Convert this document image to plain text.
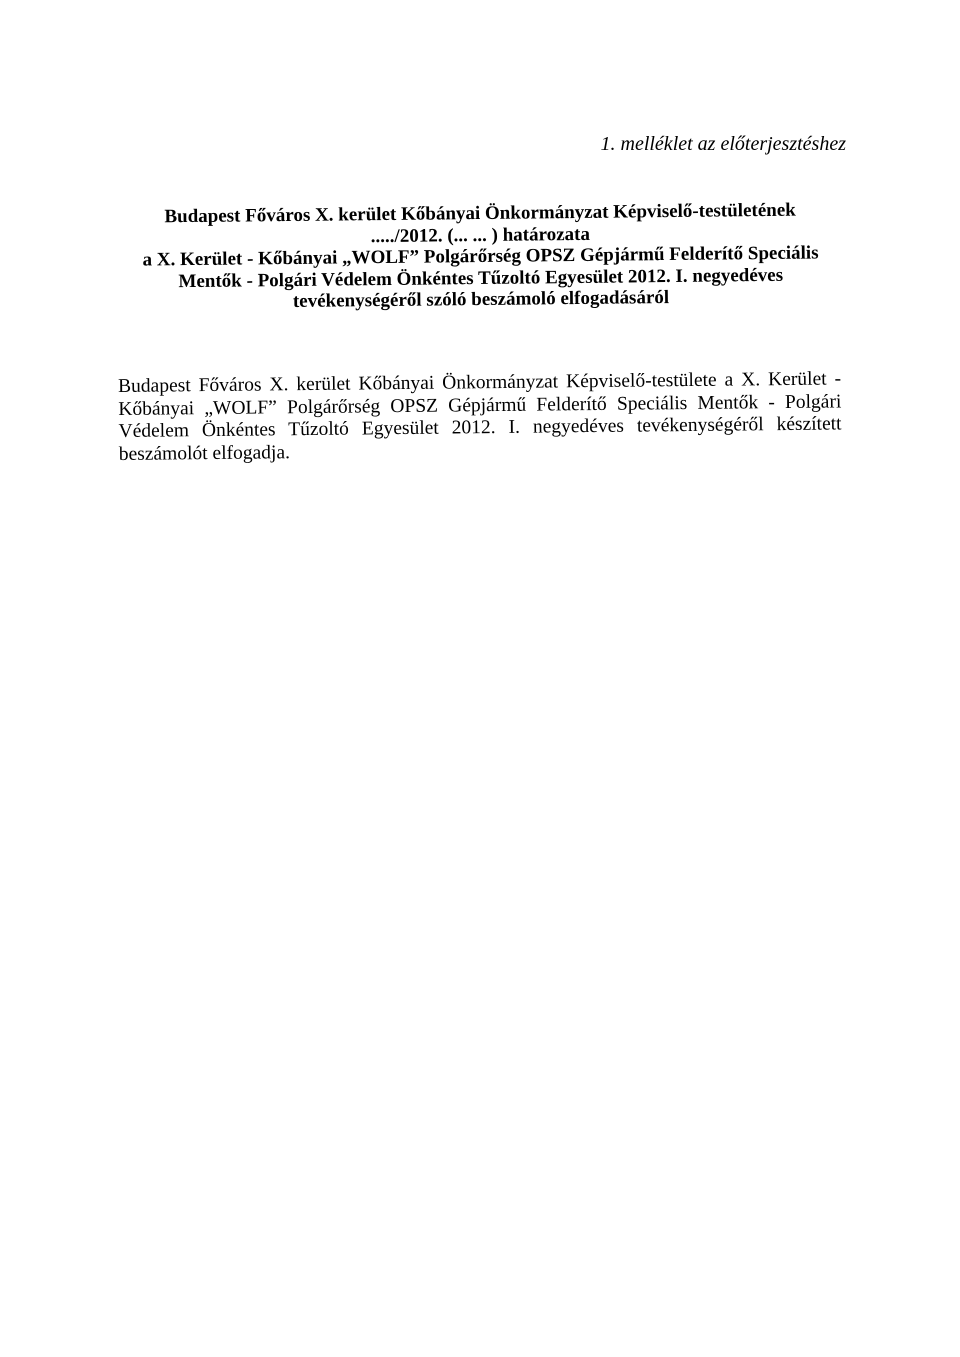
1. melléklet az előterjesztéshez
Budapest Főváros X. kerület Kőbányai Önkormányzat Képviselő-testületének
...../2012. (... ... ) határozata
a X. Kerület - Kőbányai „WOLF” Polgárőrség OPSZ Gépjármű Felderítő Speciális
Mentők - Polgári Védelem Önkéntes Tűzoltó Egyesület 2012. I. negyedéves
tevékenységéről szóló beszámoló elfogadásáról

Budapest Főváros X. kerület Kőbányai Önkormányzat Képviselő-testülete a X. Kerület - Kőbányai „WOLF” Polgárőrség OPSZ Gépjármű Felderítő Speciális Mentők - Polgári Védelem Önkéntes Tűzoltó Egyesület 2012. I. negyedéves tevékenységéről készített beszámolót elfogadja.
